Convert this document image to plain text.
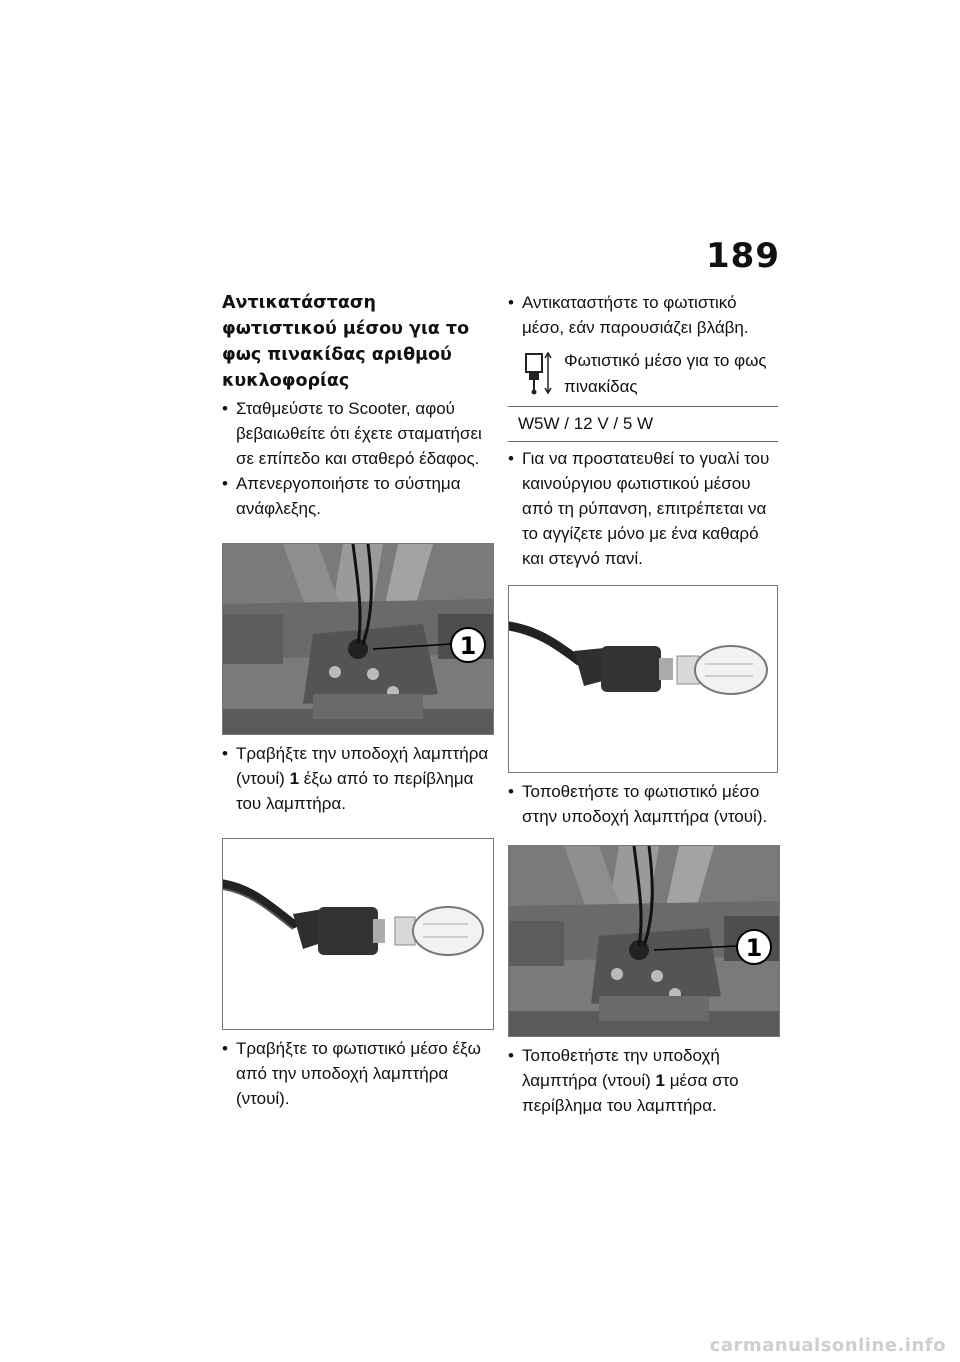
189
Αντικατάσταση φωτιστικού μέσου για το φως πινακίδας αριθμού κυκλοφορίας

• Σταθμεύστε το Scooter, αφού βεβαιωθείτε ότι έχετε σταματήσει σε επίπεδο και σταθερό έδαφος.

• Απενεργοποιήστε το σύστημα ανάφλεξης.

1

• Τραβήξτε την υποδοχή λαμπτήρα (ντουί) 1 έξω από το περίβλημα του λαμπτήρα.

• Τραβήξτε το φωτιστικό μέσο έξω από την υποδοχή λαμπτήρα (ντουί).

• Αντικαταστήστε το φωτιστικό μέσο, εάν παρουσιάζει βλάβη.

Φωτιστικό μέσο για το φως πινακίδας
W5W / 12 V / 5 W

• Για να προστατευθεί το γυαλί του καινούργιου φωτιστικού μέσου από τη ρύπανση, επιτρέπεται να το αγγίζετε μόνο με ένα καθαρό και στεγνό πανί.

• Τοποθετήστε το φωτιστικό μέσο στην υποδοχή λαμπτήρα (ντουί).

1

• Τοποθετήστε την υποδοχή λαμπτήρα (ντουί) 1 μέσα στο περίβλημα του λαμπτήρα.

carmanualsonline.info
